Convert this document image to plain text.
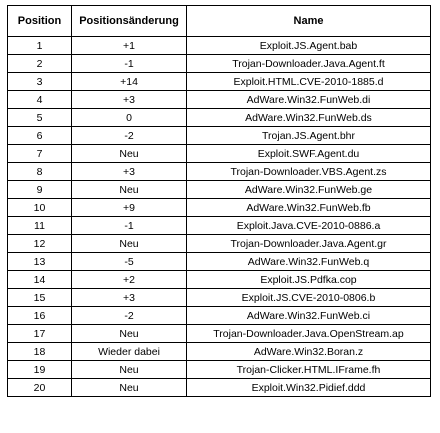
Position	Positionsänderung	Name
1	+1	Exploit.JS.Agent.bab
2	-1	Trojan-Downloader.Java.Agent.ft
3	+14	Exploit.HTML.CVE-2010-1885.d
4	+3	AdWare.Win32.FunWeb.di
5	0	AdWare.Win32.FunWeb.ds
6	-2	Trojan.JS.Agent.bhr
7	Neu	Exploit.SWF.Agent.du
8	+3	Trojan-Downloader.VBS.Agent.zs
9	Neu	AdWare.Win32.FunWeb.ge
10	+9	AdWare.Win32.FunWeb.fb
11	-1	Exploit.Java.CVE-2010-0886.a
12	Neu	Trojan-Downloader.Java.Agent.gr
13	-5	AdWare.Win32.FunWeb.q
14	+2	Exploit.JS.Pdfka.cop
15	+3	Exploit.JS.CVE-2010-0806.b
16	-2	AdWare.Win32.FunWeb.ci
17	Neu	Trojan-Downloader.Java.OpenStream.ap
18	Wieder dabei	AdWare.Win32.Boran.z
19	Neu	Trojan-Clicker.HTML.IFrame.fh
20	Neu	Exploit.Win32.Pidief.ddd
